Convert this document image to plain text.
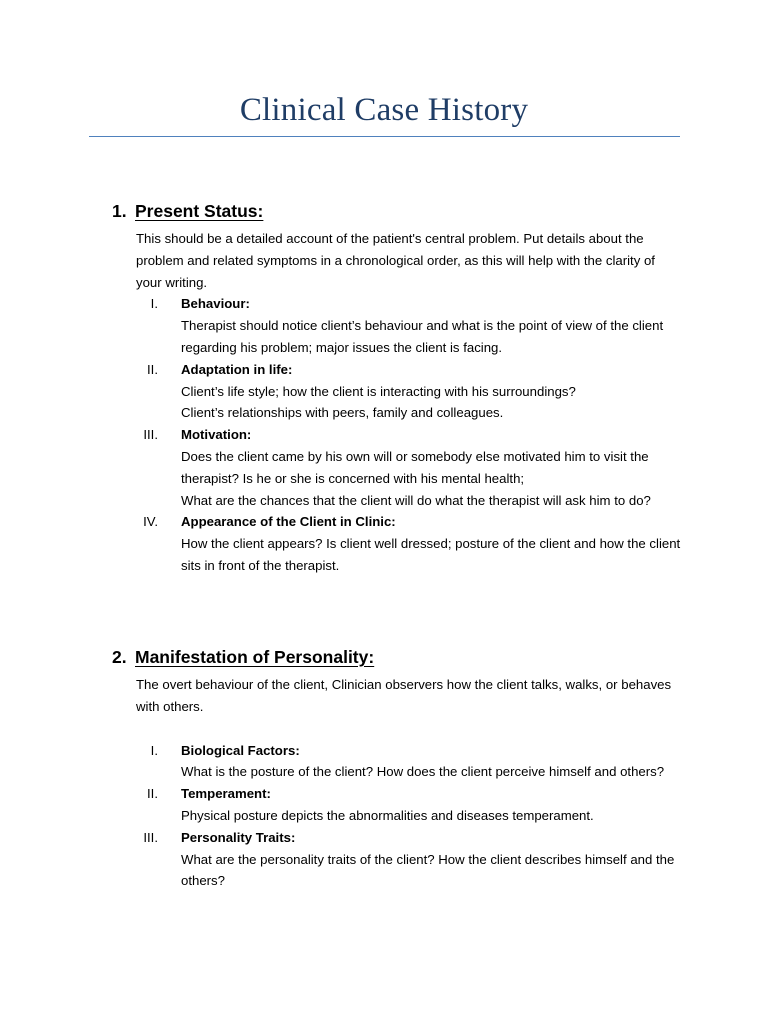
Clinical Case History
1. Present Status:
This should be a detailed account of the patient's central problem. Put details about the problem and related symptoms in a chronological order, as this will help with the clarity of your writing.
I. Behaviour:
Therapist should notice client’s behaviour and what is the point of view of the client regarding his problem; major issues the client is facing.
II. Adaptation in life:
Client’s life style; how the client is interacting with his surroundings?
Client’s relationships with peers, family and colleagues.
III. Motivation:
Does the client came by his own will or somebody else motivated him to visit the therapist? Is he or she is concerned with his mental health;
What are the chances that the client will do what the therapist will ask him to do?
IV. Appearance of the Client in Clinic:
How the client appears? Is client well dressed; posture of the client and how the client sits in front of the therapist.
2. Manifestation of Personality:
The overt behaviour of the client, Clinician observers how the client talks, walks, or behaves with others.
I. Biological Factors:
What is the posture of the client? How does the client perceive himself and others?
II. Temperament:
Physical posture depicts the abnormalities and diseases temperament.
III. Personality Traits:
What are the personality traits of the client? How the client describes himself and the others?
